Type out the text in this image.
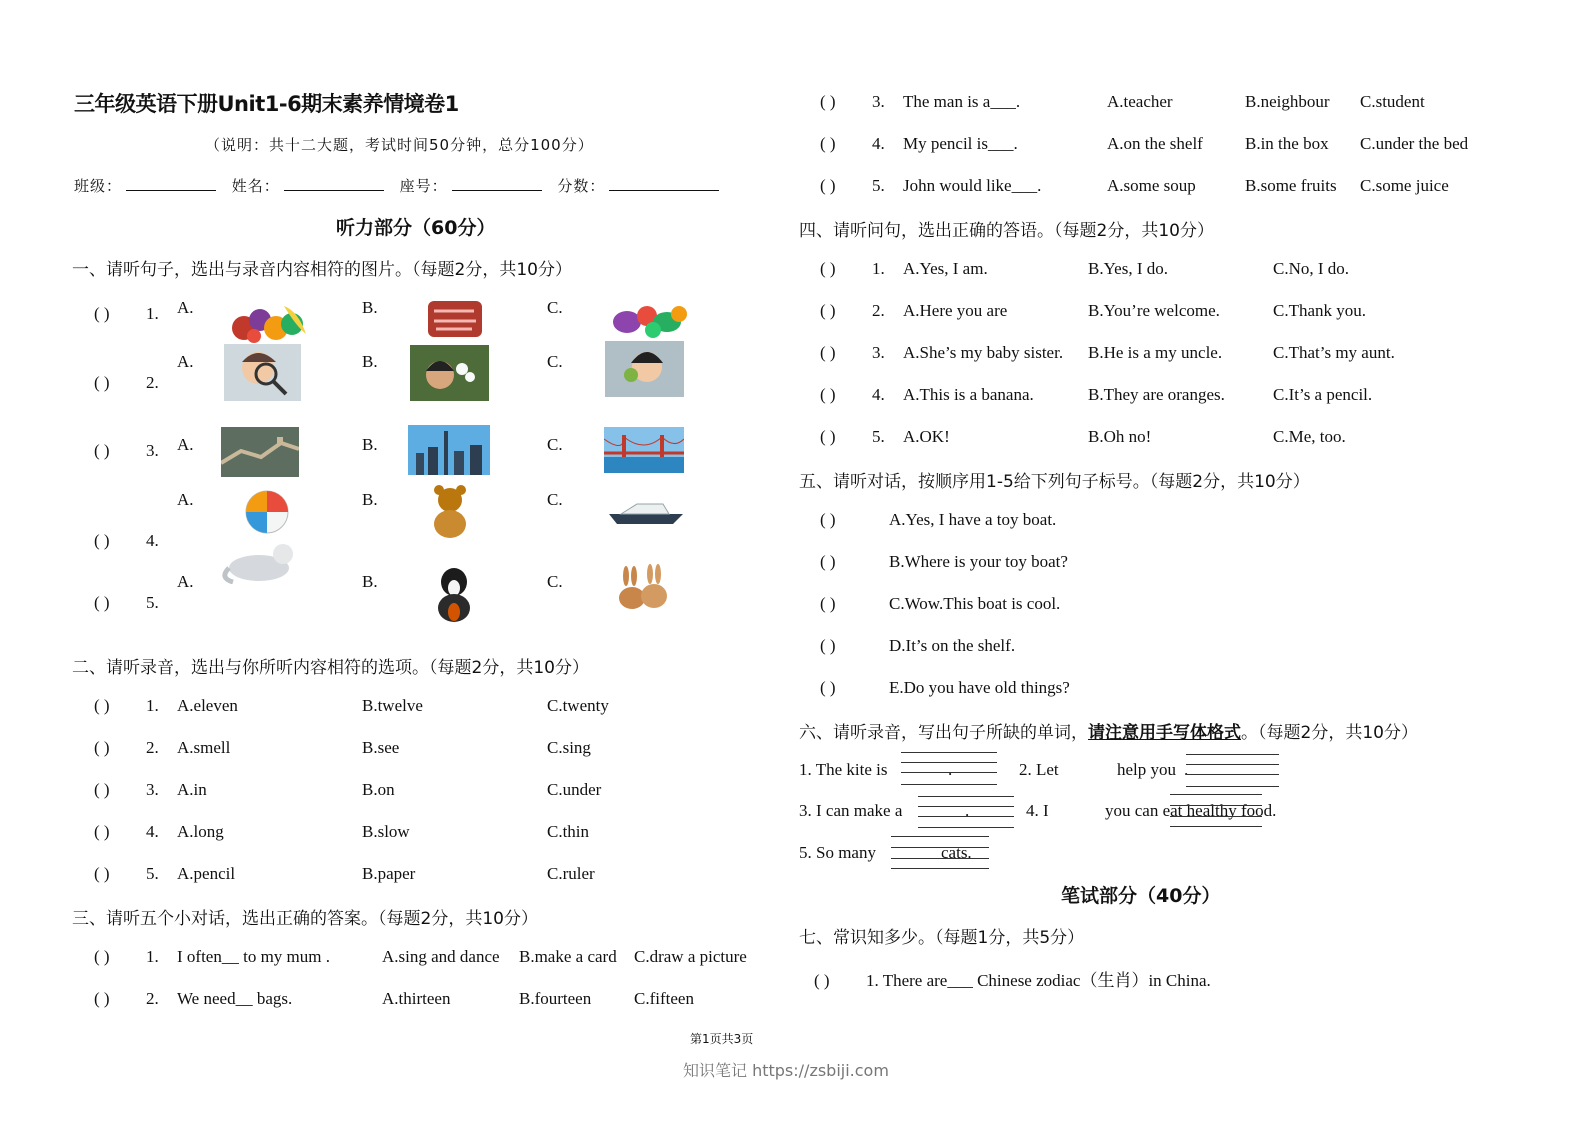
三年级英语下册Unit1-6期末素养情境卷1
（说明：共十二大题，考试时间50分钟，总分100分）
班级：	姓名：	座号：	分数：
听力部分（60分）
一、请听句子，选出与录音内容相符的图片。（每题2分，共10分）
( ) 1. A.	B.	C.
( ) 2.
A.	B.	C.
( ) 3. A.	B.	C.
( ) 4.
A.	B.	C.
( ) 5.
A.	B.	C.
二、请听录音，选出与你所听内容相符的选项。（每题2分，共10分）
( ) 1. A.eleven	B.twelve	C.twenty
( ) 2. A.smell	B.see	C.sing
( ) 3. A.in	B.on	C.under
( ) 4. A.long	B.slow	C.thin
( ) 5. A.pencil	B.paper	C.ruler
三、请听五个小对话，选出正确的答案。（每题2分，共10分）
( ) 1. I often__ to my mum .	A.sing and dance B.make a card C.draw a picture
( ) 2. We need__ bags.	A.thirteen	B.fourteen	C.fifteen
( ) 3. The man is a___.	A.teacher	B.neighbour C.student
( ) 4. My pencil is___.	A.on the shelf B.in the box C.under the bed
( ) 5. John would like___.	A.some soup	B.some fruits C.some juice
四、请听问句，选出正确的答语。（每题2分，共10分）
( ) 1. A.Yes, I am.	B.Yes, I do.	C.No, I do.
( ) 2. A.Here you are	B.You’re welcome.	C.Thank you.
( ) 3. A.She’s my baby sister. B.He is a my uncle.	C.That’s my aunt.
( ) 4. A.This is a banana.	B.They are oranges.	C.It’s a pencil.
( ) 5. A.OK!	B.Oh no!	C.Me, too.
五、请听对话，按顺序用1-5给下列句子标号。（每题2分，共10分）
( )	A.Yes, I have a toy boat.
( )	B.Where is your toy boat?
( )	C.Wow.This boat is cool.
( )	D.It’s on the shelf.
( )	E.Do you have old things?
六、请听录音，写出句子所缺的单词，请注意用手写体格式。（每题2分，共10分）
1. The kite is	.	2. Let	help you .
3. I can make a	.	4. I	you can eat healthy food.
5. So many	cats.
笔试部分（40分）
七、常识知多少。（每题1分，共5分）
( ) 1. There are___ Chinese zodiac（生肖）in China.
第1页共3页
知识笔记 https://zsbiji.com
